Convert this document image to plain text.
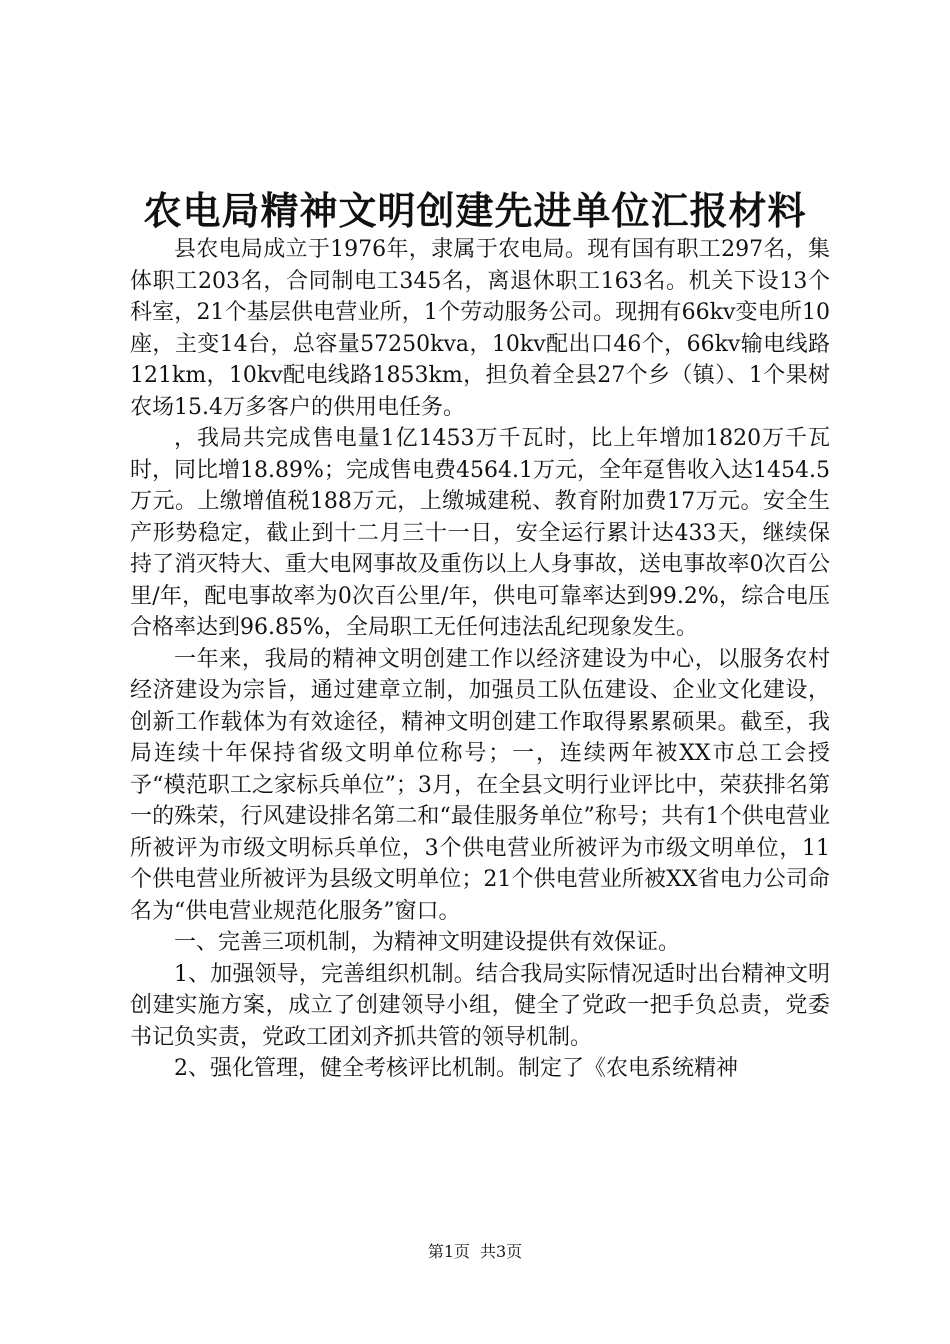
农电局精神文明创建先进单位汇报材料

县农电局成立于1976年，隶属于农电局。现有国有职工297名，集体职工203名，合同制电工345名，离退休职工163名。机关下设13个科室，21个基层供电营业所，1个劳动服务公司。现拥有66kv变电所10座，主变14台，总容量57250kva，10kv配出口46个，66kv输电线路121km，10kv配电线路1853km，担负着全县27个乡（镇）、1个果树农场15.4万多客户的供用电任务。

，我局共完成售电量1亿1453万千瓦时，比上年增加1820万千瓦时，同比增18.89%；完成售电费4564.1万元，全年趸售收入达1454.5万元。上缴增值税188万元，上缴城建税、教育附加费17万元。安全生产形势稳定，截止到十二月三十一日，安全运行累计达433天，继续保持了消灭特大、重大电网事故及重伤以上人身事故，送电事故率0次百公里/年，配电事故率为0次百公里/年，供电可靠率达到99.2%，综合电压合格率达到96.85%，全局职工无任何违法乱纪现象发生。

一年来，我局的精神文明创建工作以经济建设为中心，以服务农村经济建设为宗旨，通过建章立制，加强员工队伍建设、企业文化建设，创新工作载体为有效途径，精神文明创建工作取得累累硕果。截至，我局连续十年保持省级文明单位称号；一，连续两年被XX市总工会授予“模范职工之家标兵单位”；3月，在全县文明行业评比中，荣获排名第一的殊荣，行风建设排名第二和“最佳服务单位”称号；共有1个供电营业所被评为市级文明标兵单位，3个供电营业所被评为市级文明单位，11个供电营业所被评为县级文明单位；21个供电营业所被XX省电力公司命名为“供电营业规范化服务”窗口。

一、完善三项机制，为精神文明建设提供有效保证。

1、加强领导，完善组织机制。结合我局实际情况适时出台精神文明创建实施方案，成立了创建领导小组，健全了党政一把手负总责，党委书记负实责，党政工团刘齐抓共管的领导机制。

2、强化管理，健全考核评比机制。制定了《农电系统精神

第1页 共3页
